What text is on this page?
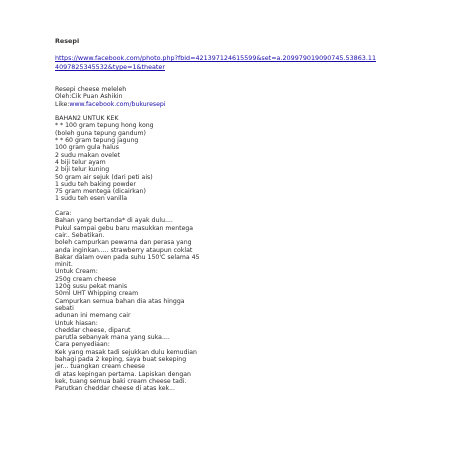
Resepi
https://www.facebook.com/photo.php?fbid=421397124615599&set=a.209979019090745.53863.11
4097825345532&type=1&theater
Resepi cheese meleleh
Oleh:Cik Puan Ashikin
Like:www.facebook.com/bukuresepi
BAHAN2 UNTUK KEK
* * 100 gram tepung hong kong
(boleh guna tepung gandum)
* * 60 gram tepung jagung
100 gram gula halus
2 sudu makan ovelet
4 biji telur ayam
2 biji telur kuning
50 gram air sejuk (dari peti ais)
1 sudu teh baking powder
75 gram mentega (dicairkan)
1 sudu teh esen vanilla
Cara:
Bahan yang bertanda* di ayak dulu....
Pukul sampai gebu baru masukkan mentega
cair.. Sebatikan.
boleh campurkan pewarna dan perasa yang
anda inginkan..... strawberry ataupun coklat
Bakar dalam oven pada suhu 150'C selama 45
minit.
Untuk Cream:
250g cream cheese
120g susu pekat manis
50ml UHT Whipping cream
Campurkan semua bahan dia atas hingga
sebati
adunan ini memang cair
Untuk hiasan:
cheddar cheese, diparut
parutla sebanyak mana yang suka....
Cara penyediaan:
Kek yang masak tadi sejukkan dulu kemudian
bahagi pada 2 keping, saya buat sekeping
jer... tuangkan cream cheese
di atas kepingan pertama. Lapiskan dengan
kek, tuang semua baki cream cheese tadi.
Parutkan cheddar cheese di atas kek...
